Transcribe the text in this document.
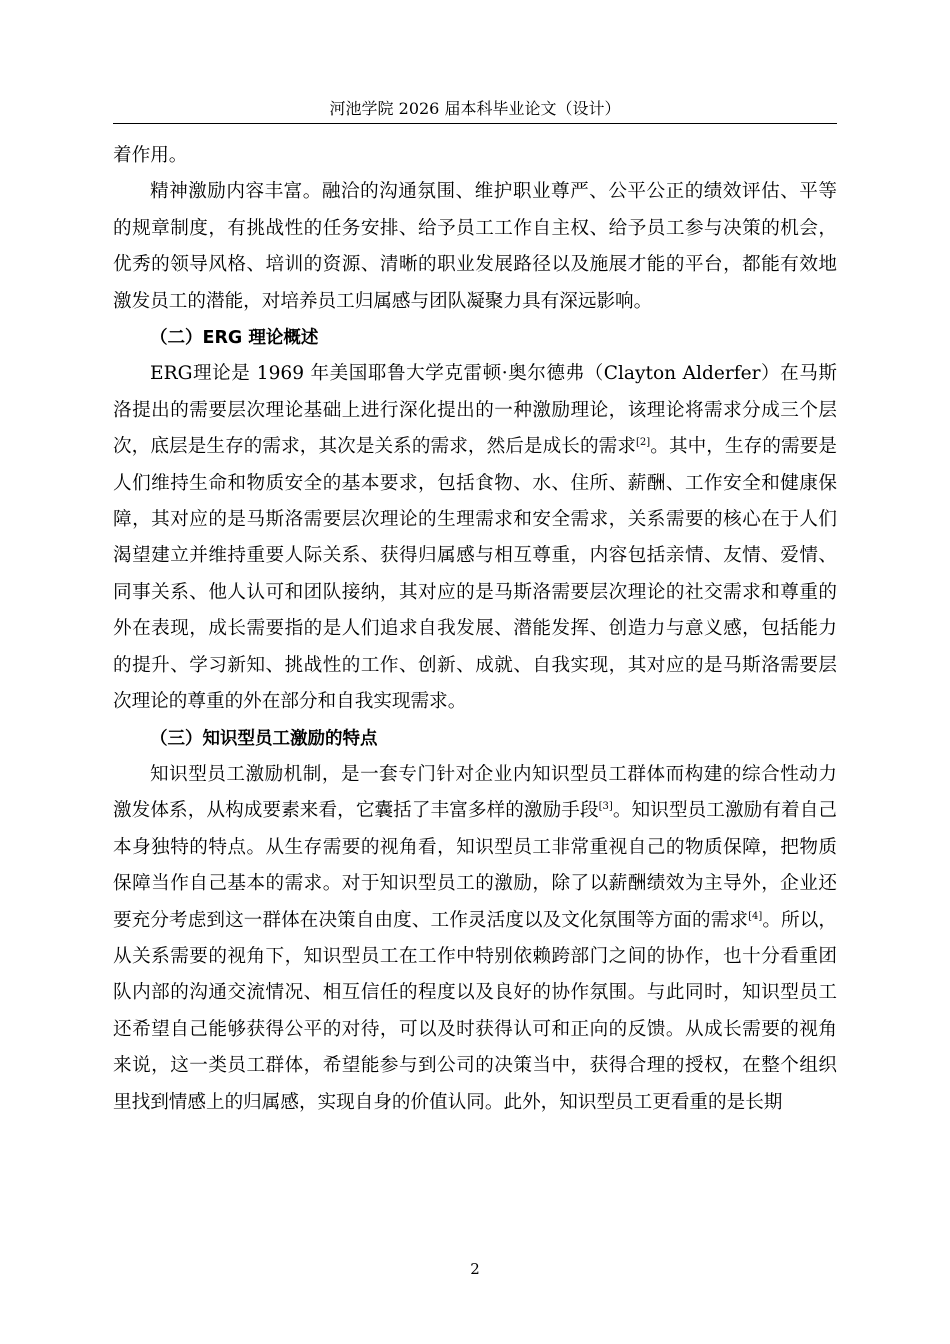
河池学院 2026 届本科毕业论文（设计）

着作用。

精神激励内容丰富。融洽的沟通氛围、维护职业尊严、公平公正的绩效评估、平等的规章制度，有挑战性的任务安排、给予员工工作自主权、给予员工参与决策的机会，优秀的领导风格、培训的资源、清晰的职业发展路径以及施展才能的平台，都能有效地激发员工的潜能，对培养员工归属感与团队凝聚力具有深远影响。

（二）ERG 理论概述

ERG理论是 1969 年美国耶鲁大学克雷顿·奥尔德弗（Clayton Alderfer）在马斯洛提出的需要层次理论基础上进行深化提出的一种激励理论，该理论将需求分成三个层次，底层是生存的需求，其次是关系的需求，然后是成长的需求[2]。其中，生存的需要是人们维持生命和物质安全的基本要求，包括食物、水、住所、薪酬、工作安全和健康保障，其对应的是马斯洛需要层次理论的生理需求和安全需求，关系需要的核心在于人们渴望建立并维持重要人际关系、获得归属感与相互尊重，内容包括亲情、友情、爱情、同事关系、他人认可和团队接纳，其对应的是马斯洛需要层次理论的社交需求和尊重的外在表现，成长需要指的是人们追求自我发展、潜能发挥、创造力与意义感，包括能力的提升、学习新知、挑战性的工作、创新、成就、自我实现，其对应的是马斯洛需要层次理论的尊重的外在部分和自我实现需求。

（三）知识型员工激励的特点

知识型员工激励机制，是一套专门针对企业内知识型员工群体而构建的综合性动力激发体系，从构成要素来看，它囊括了丰富多样的激励手段[3]。知识型员工激励有着自己本身独特的特点。从生存需要的视角看，知识型员工非常重视自己的物质保障，把物质保障当作自己基本的需求。对于知识型员工的激励，除了以薪酬绩效为主导外，企业还要充分考虑到这一群体在决策自由度、工作灵活度以及文化氛围等方面的需求[4]。所以，从关系需要的视角下，知识型员工在工作中特别依赖跨部门之间的协作，也十分看重团队内部的沟通交流情况、相互信任的程度以及良好的协作氛围。与此同时，知识型员工还希望自己能够获得公平的对待，可以及时获得认可和正向的反馈。从成长需要的视角来说，这一类员工群体，希望能参与到公司的决策当中，获得合理的授权，在整个组织里找到情感上的归属感，实现自身的价值认同。此外，知识型员工更看重的是长期

2
